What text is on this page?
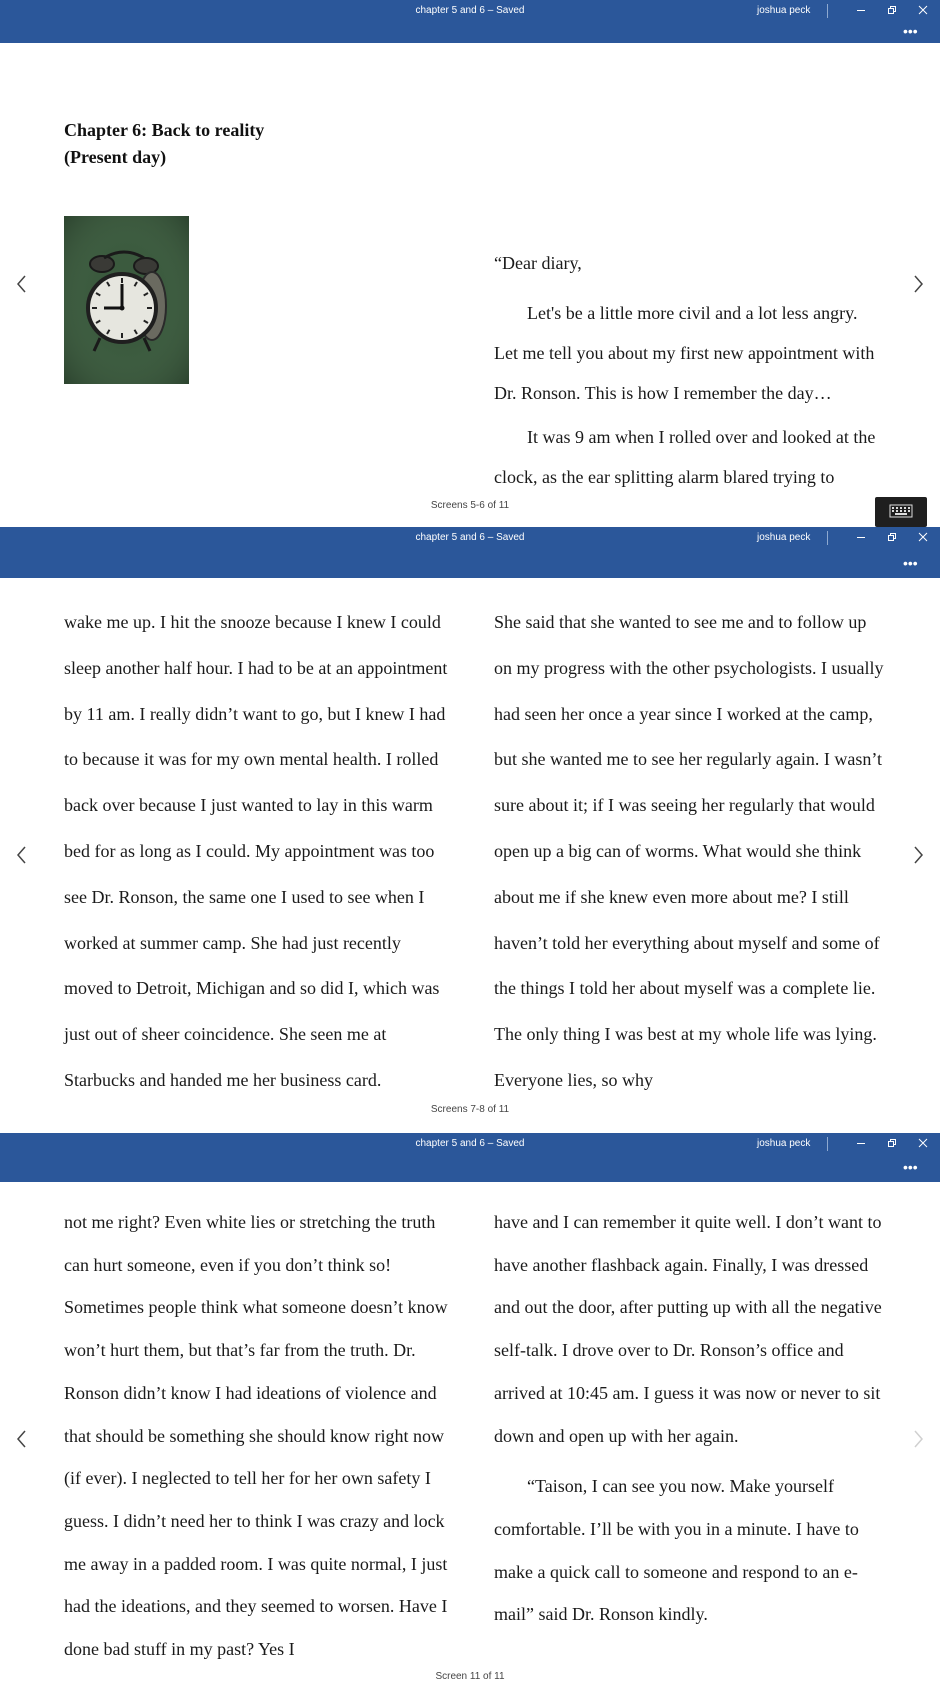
chapter 5 and 6 – Saved	joshua peck
•••
Chapter 6: Back to reality
(Present day)

“Dear diary,

Let's be a little more civil and a lot less angry. Let me tell you about my first new appointment with Dr. Ronson. This is how I remember the day…

It was 9 am when I rolled over and looked at the clock, as the ear splitting alarm blared trying to

Screens 5-6 of 11
chapter 5 and 6 – Saved	joshua peck
•••
wake me up. I hit the snooze because I knew I could sleep another half hour. I had to be at an appointment by 11 am. I really didn’t want to go, but I knew I had to because it was for my own mental health. I rolled back over because I just wanted to lay in this warm bed for as long as I could. My appointment was too see Dr. Ronson, the same one I used to see when I worked at summer camp. She had just recently moved to Detroit, Michigan and so did I, which was just out of sheer coincidence. She seen me at Starbucks and handed me her business card.
She said that she wanted to see me and to follow up on my progress with the other psychologists. I usually had seen her once a year since I worked at the camp, but she wanted me to see her regularly again. I wasn’t sure about it; if I was seeing her regularly that would open up a big can of worms. What would she think about me if she knew even more about me? I still haven’t told her everything about myself and some of the things I told her about myself was a complete lie. The only thing I was best at my whole life was lying. Everyone lies, so why
Screens 7-8 of 11
chapter 5 and 6 – Saved	joshua peck
•••
not me right? Even white lies or stretching the truth can hurt someone, even if you don’t think so! Sometimes people think what someone doesn’t know won’t hurt them, but that’s far from the truth. Dr. Ronson didn’t know I had ideations of violence and that should be something she should know right now (if ever). I neglected to tell her for her own safety I guess. I didn’t need her to think I was crazy and lock me away in a padded room. I was quite normal, I just had the ideations, and they seemed to worsen. Have I done bad stuff in my past? Yes I

have and I can remember it quite well. I don’t want to have another flashback again. Finally, I was dressed and out the door, after putting up with all the negative self-talk. I drove over to Dr. Ronson’s office and arrived at 10:45 am. I guess it was now or never to sit down and open up with her again.

“Taison, I can see you now. Make yourself comfortable. I’ll be with you in a minute. I have to make a quick call to someone and respond to an e-mail” said Dr. Ronson kindly.

Screen 11 of 11
